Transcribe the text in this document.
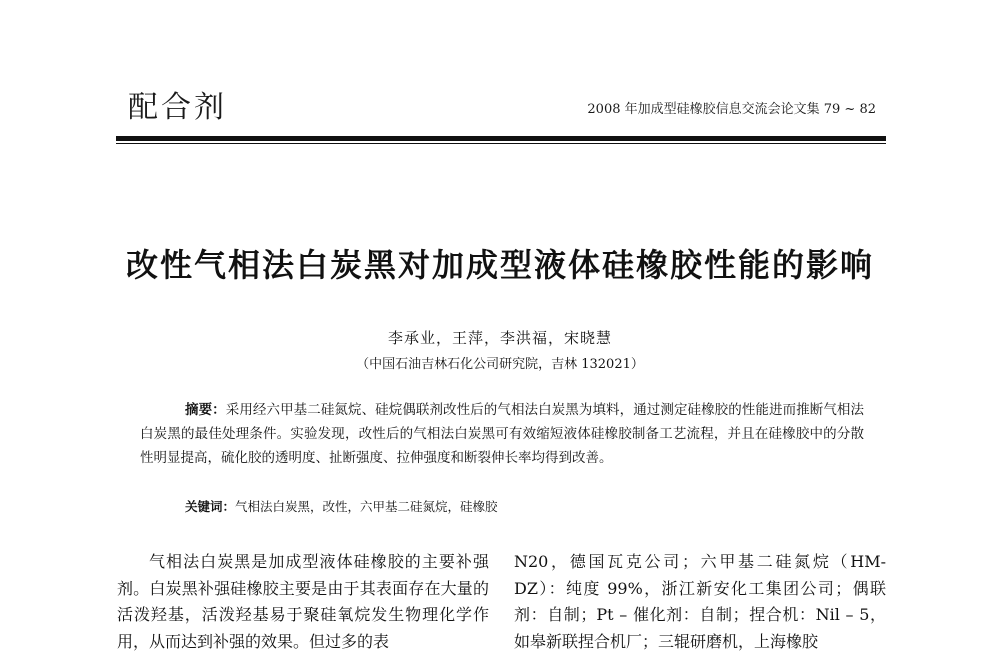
配合剂	2008 年加成型硅橡胶信息交流会论文集 79 ~ 82
改性气相法白炭黑对加成型液体硅橡胶性能的影响
李承业，王萍，李洪福，宋晓慧
（中国石油吉林石化公司研究院，吉林 132021）

摘要：采用经六甲基二硅氮烷、硅烷偶联剂改性后的气相法白炭黑为填料，通过测定硅橡胶的性能进而推断气相法白炭黑的最佳处理条件。实验发现，改性后的气相法白炭黑可有效缩短液体硅橡胶制备工艺流程，并且在硅橡胶中的分散性明显提高，硫化胶的透明度、扯断强度、拉伸强度和断裂伸长率均得到改善。

关键词：气相法白炭黑，改性，六甲基二硅氮烷，硅橡胶

气相法白炭黑是加成型液体硅橡胶的主要补强剂。白炭黑补强硅橡胶主要是由于其表面存在大量的活泼羟基，活泼羟基易于聚硅氧烷发生物理化学作用，从而达到补强的效果。但过多的表

N20，德国瓦克公司；六甲基二硅氮烷（HM-DZ）：纯度 99%，浙江新安化工集团公司；偶联剂：自制；Pt – 催化剂：自制；捏合机：Nil – 5，如皋新联捏合机厂；三辊研磨机，上海橡胶
